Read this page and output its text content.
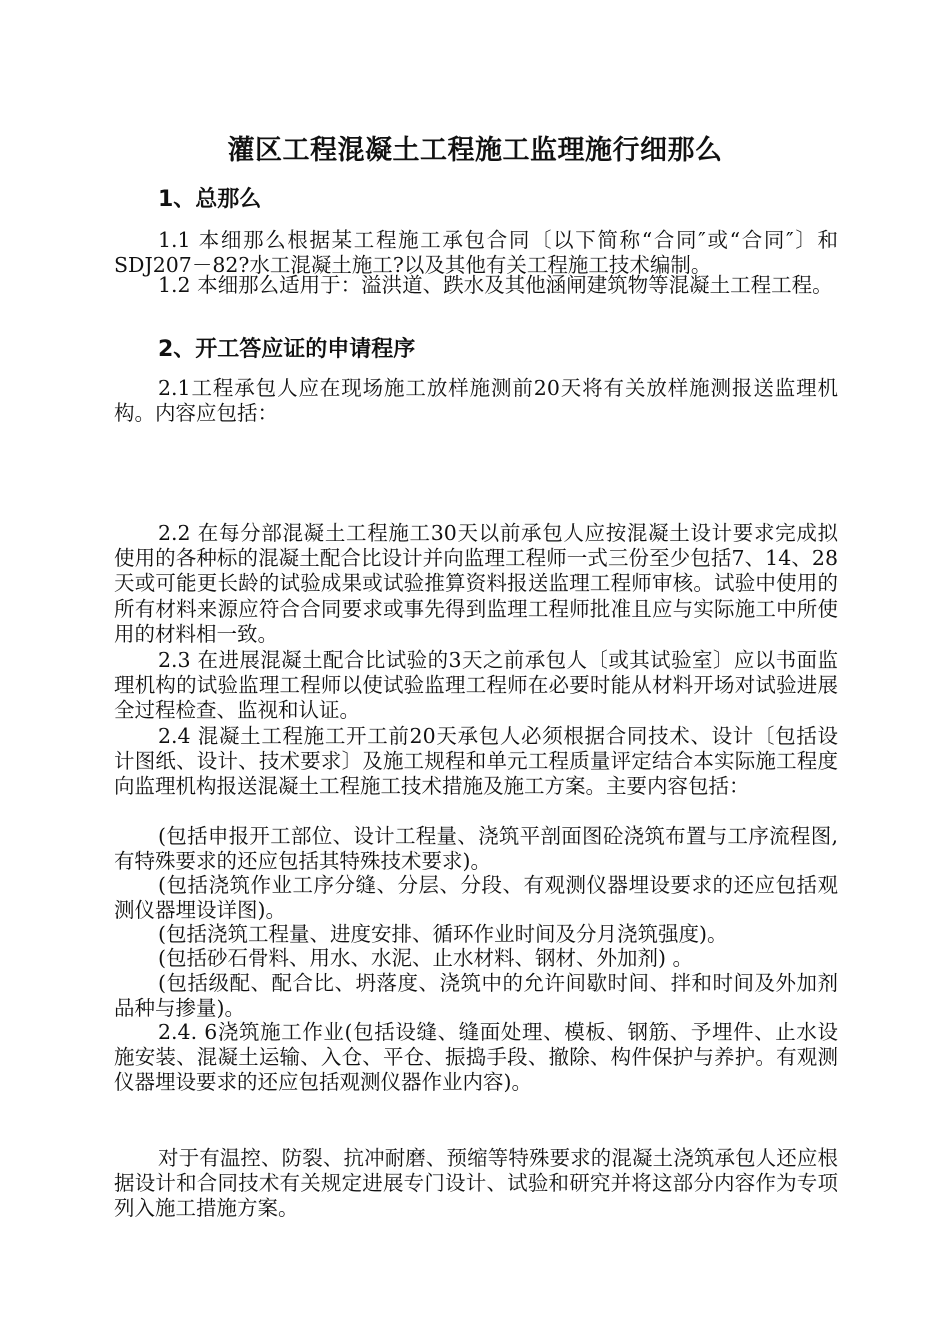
灌区工程混凝土工程施工监理施行细那么
1、总那么

1.1 本细那么根据某工程施工承包合同〔以下简称“合同″或“合同″〕和SDJ207－82?水工混凝土施工?以及其他有关工程施工技术编制。

1.2 本细那么适用于：溢洪道、跌水及其他涵闸建筑物等混凝土工程工程。

2、开工答应证的申请程序

2.1工程承包人应在现场施工放样施测前20天将有关放样施测报送监理机构。内容应包括：

2.2 在每分部混凝土工程施工30天以前承包人应按混凝土设计要求完成拟使用的各种标的混凝土配合比设计并向监理工程师一式三份至少包括7、14、28天或可能更长龄的试验成果或试验推算资料报送监理工程师审核。试验中使用的所有材料来源应符合合同要求或事先得到监理工程师批准且应与实际施工中所使用的材料相一致。

2.3 在进展混凝土配合比试验的3天之前承包人〔或其试验室〕应以书面监理机构的试验监理工程师以使试验监理工程师在必要时能从材料开场对试验进展全过程检查、监视和认证。

2.4 混凝土工程施工开工前20天承包人必须根据合同技术、设计〔包括设计图纸、设计、技术要求〕及施工规程和单元工程质量评定结合本实际施工程度向监理机构报送混凝土工程施工技术措施及施工方案。主要内容包括：

(包括申报开工部位、设计工程量、浇筑平剖面图砼浇筑布置与工序流程图,有特殊要求的还应包括其特殊技术要求)。

(包括浇筑作业工序分缝、分层、分段、有观测仪器埋设要求的还应包括观测仪器埋设详图)。

(包括浇筑工程量、进度安排、循环作业时间及分月浇筑强度)。

(包括砂石骨料、用水、水泥、止水材料、钢材、外加剂) 。

(包括级配、配合比、坍落度、浇筑中的允许间歇时间、拌和时间及外加剂品种与掺量)。

2.4. 6浇筑施工作业(包括设缝、缝面处理、模板、钢筋、予埋件、止水设施安装、混凝土运输、入仓、平仓、振捣手段、撤除、构件保护与养护。有观测仪器埋设要求的还应包括观测仪器作业内容)。

对于有温控、防裂、抗冲耐磨、预缩等特殊要求的混凝土浇筑承包人还应根据设计和合同技术有关规定进展专门设计、试验和研究并将这部分内容作为专项列入施工措施方案。
